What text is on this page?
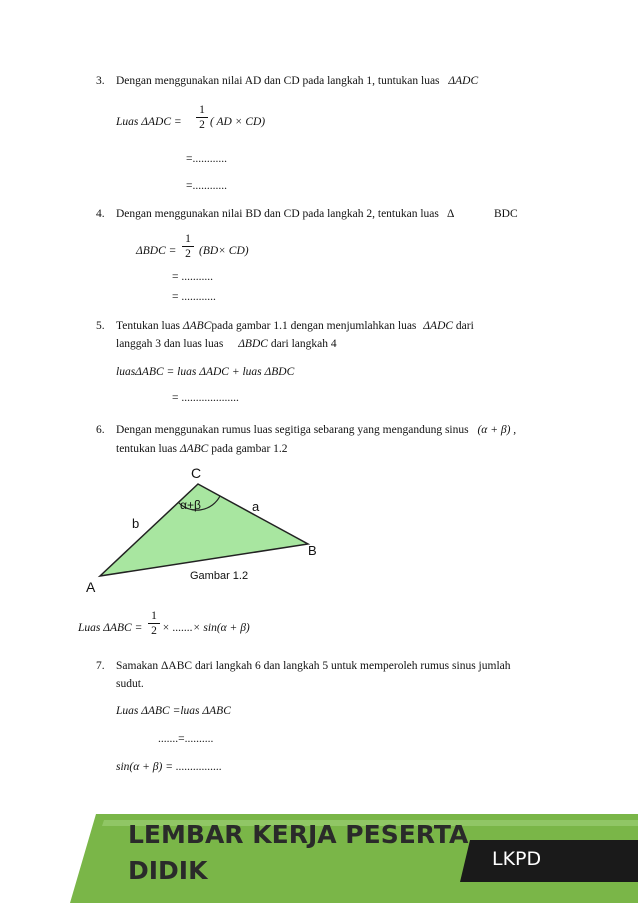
3. Dengan menggunakan nilai AD dan CD pada langkah 1, tuntukan luas ΔADC
Luas ΔADC =
1
2 ( AD × CD)
=............
=............
4. Dengan menggunakan nilai BD dan CD pada langkah 2, tentukan luas Δ	BDC
ΔBDC =
1
2 (BD× CD)
= ...........
= ............
5. Tentukan luas ΔABCpada gambar 1.1 dengan menjumlahkan luas ΔADC dari
langgah 3 dan luas luas ΔBDC dari langkah 4
luasΔABC = luas ΔADC + luas ΔBDC
= ....................
6. Dengan menggunakan rumus luas segitiga sebarang yang mengandung sinus (α + β) ,
tentukan luas ΔABC pada gambar 1.2
C
α+β	a
b
B
A
Gambar 1.2
Luas ΔABC =
1
2 × .......× sin(α + β)
7. Samakan ΔABC dari langkah 6 dan langkah 5 untuk memperoleh rumus sinus jumlah
sudut.
Luas ΔABC =luas ΔABC
.......=..........
sin(α + β) = ................
LEMBAR KERJA PESERTA
DIDIK	LKPD
